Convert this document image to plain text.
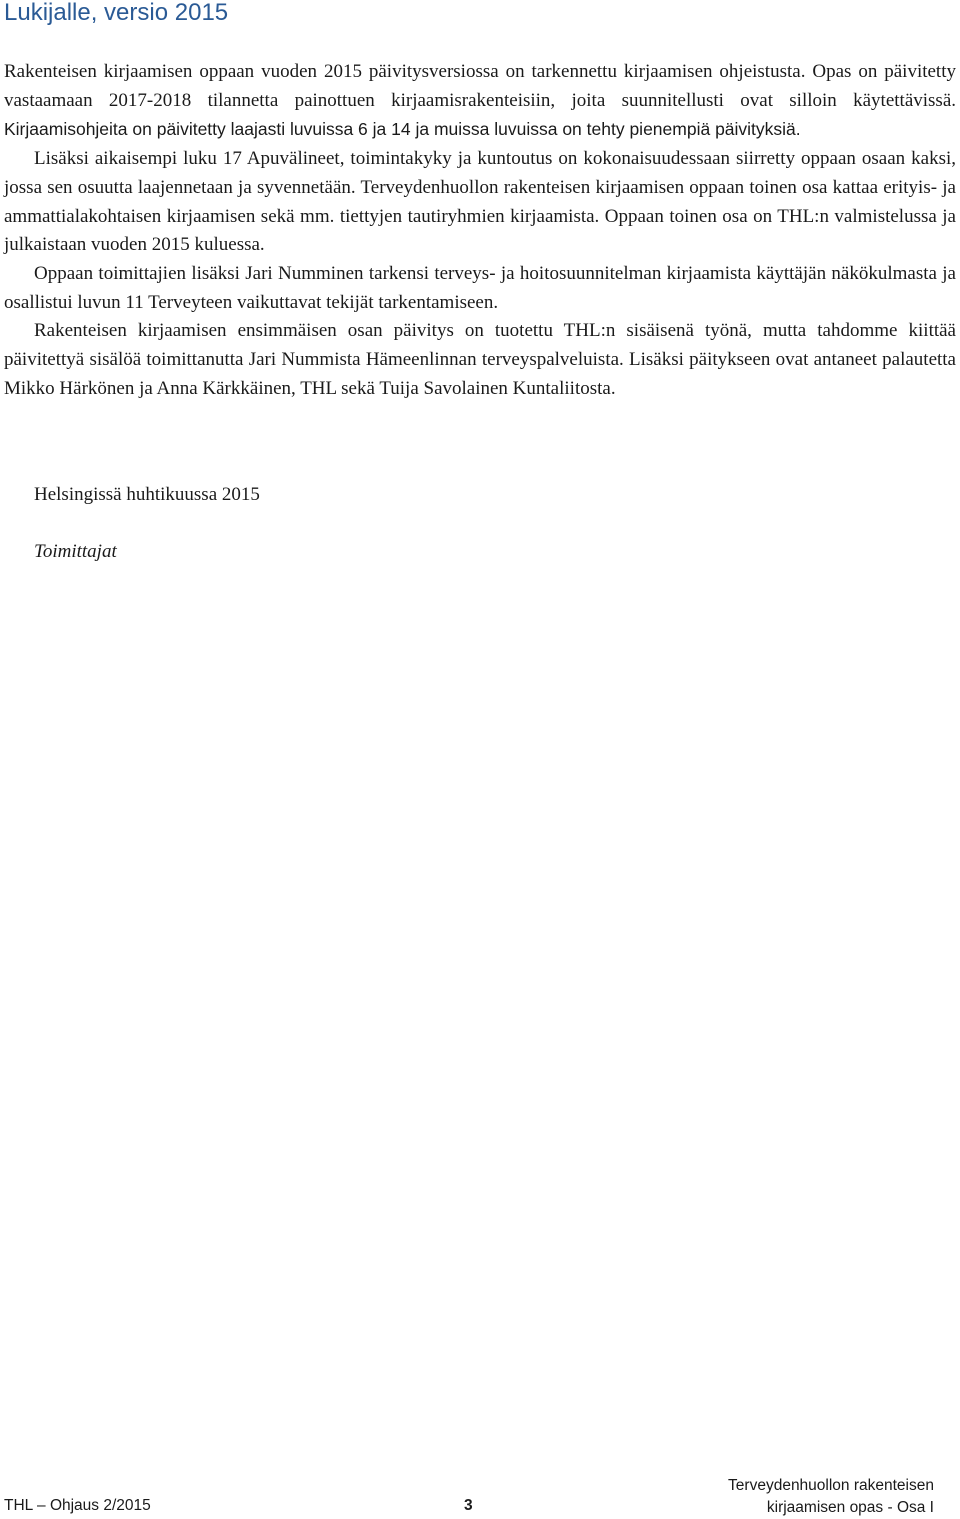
Lukijalle, versio 2015

Rakenteisen kirjaamisen oppaan vuoden 2015 päivitysversiossa on tarkennettu kirjaamisen ohjeistusta. Opas on päivitetty vastaamaan 2017-2018 tilannetta painottuen kirjaamisrakenteisiin, joita suunnitellusti ovat silloin käytettävissä. Kirjaamisohjeita on päivitetty laajasti luvuissa 6 ja 14 ja muissa luvuissa on tehty pienempiä päivityksiä.

Lisäksi aikaisempi luku 17 Apuvälineet, toimintakyky ja kuntoutus on kokonaisuudessaan siirretty oppaan osaan kaksi, jossa sen osuutta laajennetaan ja syvennetään. Terveydenhuollon rakenteisen kirjaamisen oppaan toinen osa kattaa erityis- ja ammattialakohtaisen kirjaamisen sekä mm. tiettyjen tautiryhmien kirjaamista. Oppaan toinen osa on THL:n valmistelussa ja julkaistaan vuoden 2015 kuluessa.

Oppaan toimittajien lisäksi Jari Numminen tarkensi terveys- ja hoitosuunnitelman kirjaamista käyttäjän näkökulmasta ja osallistui luvun 11 Terveyteen vaikuttavat tekijät tarkentamiseen.

Rakenteisen kirjaamisen ensimmäisen osan päivitys on tuotettu THL:n sisäisenä työnä, mutta tahdomme kiittää päivitettyä sisälöä toimittanutta Jari Nummista Hämeenlinnan terveyspalveluista. Lisäksi päitykseen ovat antaneet palautetta Mikko Härkönen ja Anna Kärkkäinen, THL sekä Tuija Savolainen Kuntaliitosta.

Helsingissä huhtikuussa 2015
Toimittajat
THL – Ohjaus 2/2015	3
Terveydenhuollon rakenteisen
kirjaamisen opas - Osa I
